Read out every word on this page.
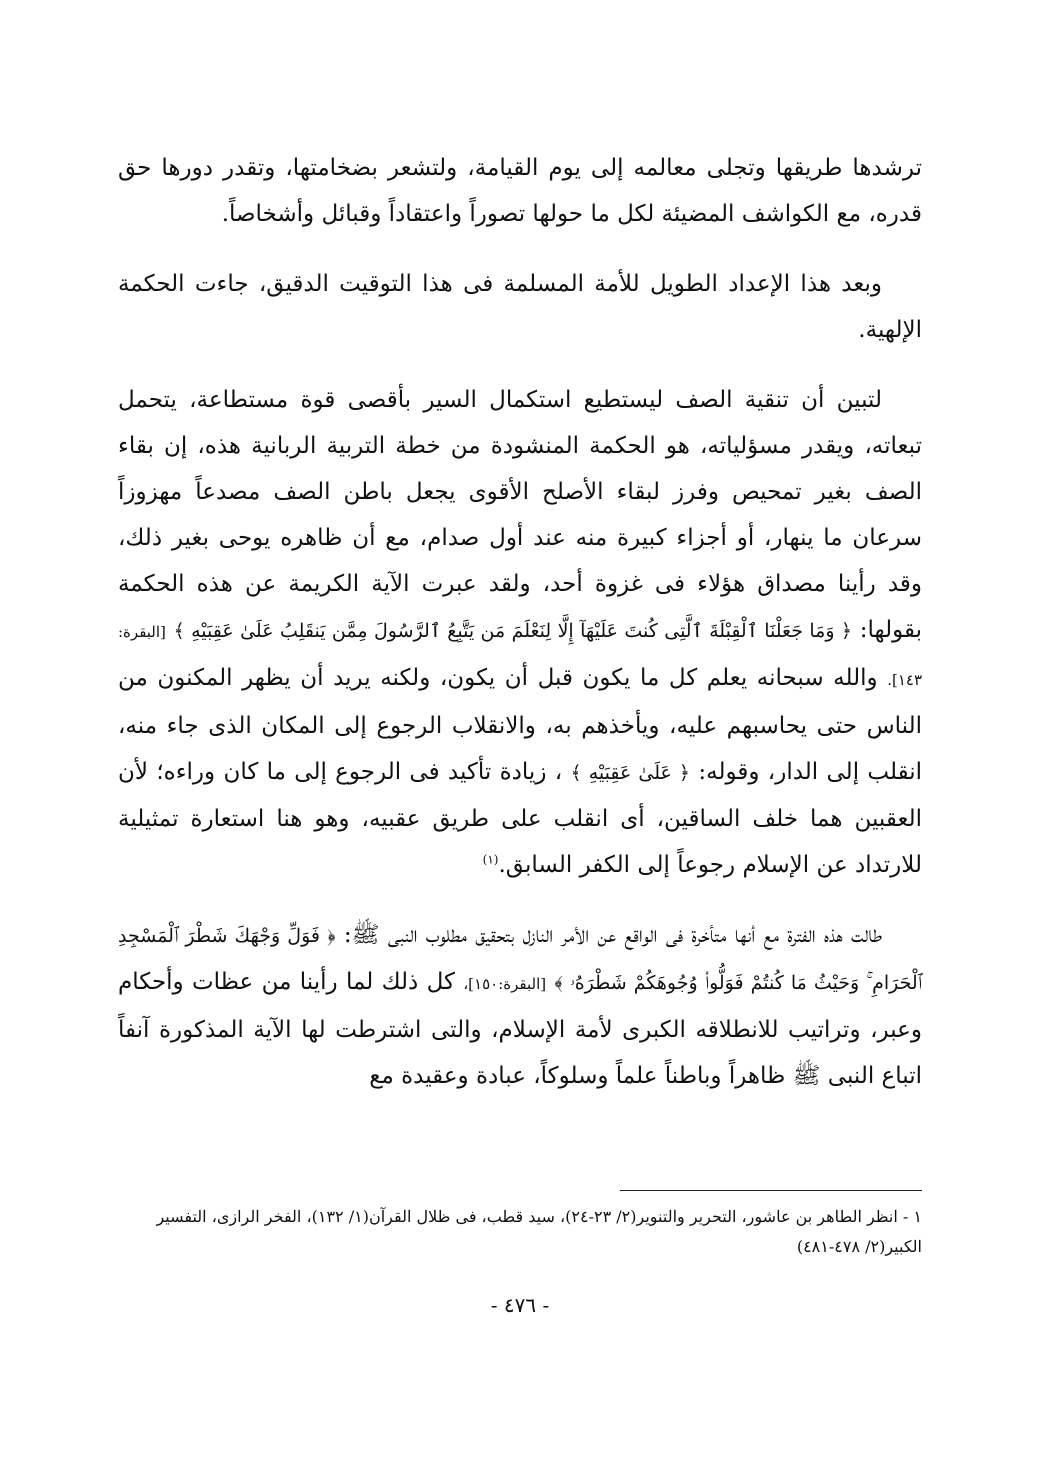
ترشدها طريقها وتجلى معالمه إلى يوم القيامة، ولتشعر بضخامتها، وتقدر دورها حق قدره، مع الكواشف المضيئة لكل ما حولها تصوراً واعتقاداً وقبائل وأشخاصاً.

وبعد هذا الإعداد الطويل للأمة المسلمة فى هذا التوقيت الدقيق، جاءت الحكمة الإلهية.

لتبين أن تنقية الصف ليستطيع استكمال السير بأقصى قوة مستطاعة، يتحمل تبعاته، ويقدر مسؤلياته، هو الحكمة المنشودة من خطة التربية الربانية هذه، إن بقاء الصف بغير تمحيص وفرز لبقاء الأصلح الأقوى يجعل باطن الصف مصدعاً مهزوزاً سرعان ما ينهار، أو أجزاء كبيرة منه عند أول صدام، مع أن ظاهره يوحى بغير ذلك، وقد رأينا مصداق هؤلاء فى غزوة أحد، ولقد عبرت الآية الكريمة عن هذه الحكمة بقولها: ﴿ وَمَا جَعَلْنَا ٱلْقِبْلَةَ ٱلَّتِى كُنتَ عَلَيْهَآ إِلَّا لِنَعْلَمَ مَن يَتَّبِعُ ٱلرَّسُولَ مِمَّن يَنقَلِبُ عَلَىٰ عَقِبَيْهِ ﴾ [البقرة: ١٤٣]. والله سبحانه يعلم كل ما يكون قبل أن يكون، ولكنه يريد أن يظهر المكنون من الناس حتى يحاسبهم عليه، ويأخذهم به، والانقلاب الرجوع إلى المكان الذى جاء منه، انقلب إلى الدار، وقوله: ﴿ عَلَىٰ عَقِبَيْهِ ﴾ ، زيادة تأكيد فى الرجوع إلى ما كان وراءه؛ لأن العقبين هما خلف الساقين، أى انقلب على طريق عقبيه، وهو هنا استعارة تمثيلية للارتداد عن الإسلام رجوعاً إلى الكفر السابق.$^{(١)}$

طالت هذه الفترة مع أنها متأخرة فى الواقع عن الأمر النازل بتحقيق مطلوب النبى ﷺ: ﴿ فَوَلِّ وَجْهَكَ شَطْرَ ٱلْمَسْجِدِ ٱلْحَرَامِ ۚ وَحَيْثُ مَا كُنتُمْ فَوَلُّوا۟ وُجُوهَكُمْ شَطْرَهُۥ ﴾ [البقرة:١٥٠]، كل ذلك لما رأينا من عظات وأحكام وعبر، وتراتيب للانطلاقه الكبرى لأمة الإسلام، والتى اشترطت لها الآية المذكورة آنفاً اتباع النبى ﷺ ظاهراً وباطناً علماً وسلوكاً، عبادة وعقيدة مع

١ - انظر الطاهر بن عاشور، التحرير والتنوير(٢/ ٢٣-٢٤)، سيد قطب، فى ظلال القرآن(١/ ١٣٢)، الفخر الرازى، التفسير الكبير(٢/ ٤٧٨-٤٨١)

- ٤٧٦ -
